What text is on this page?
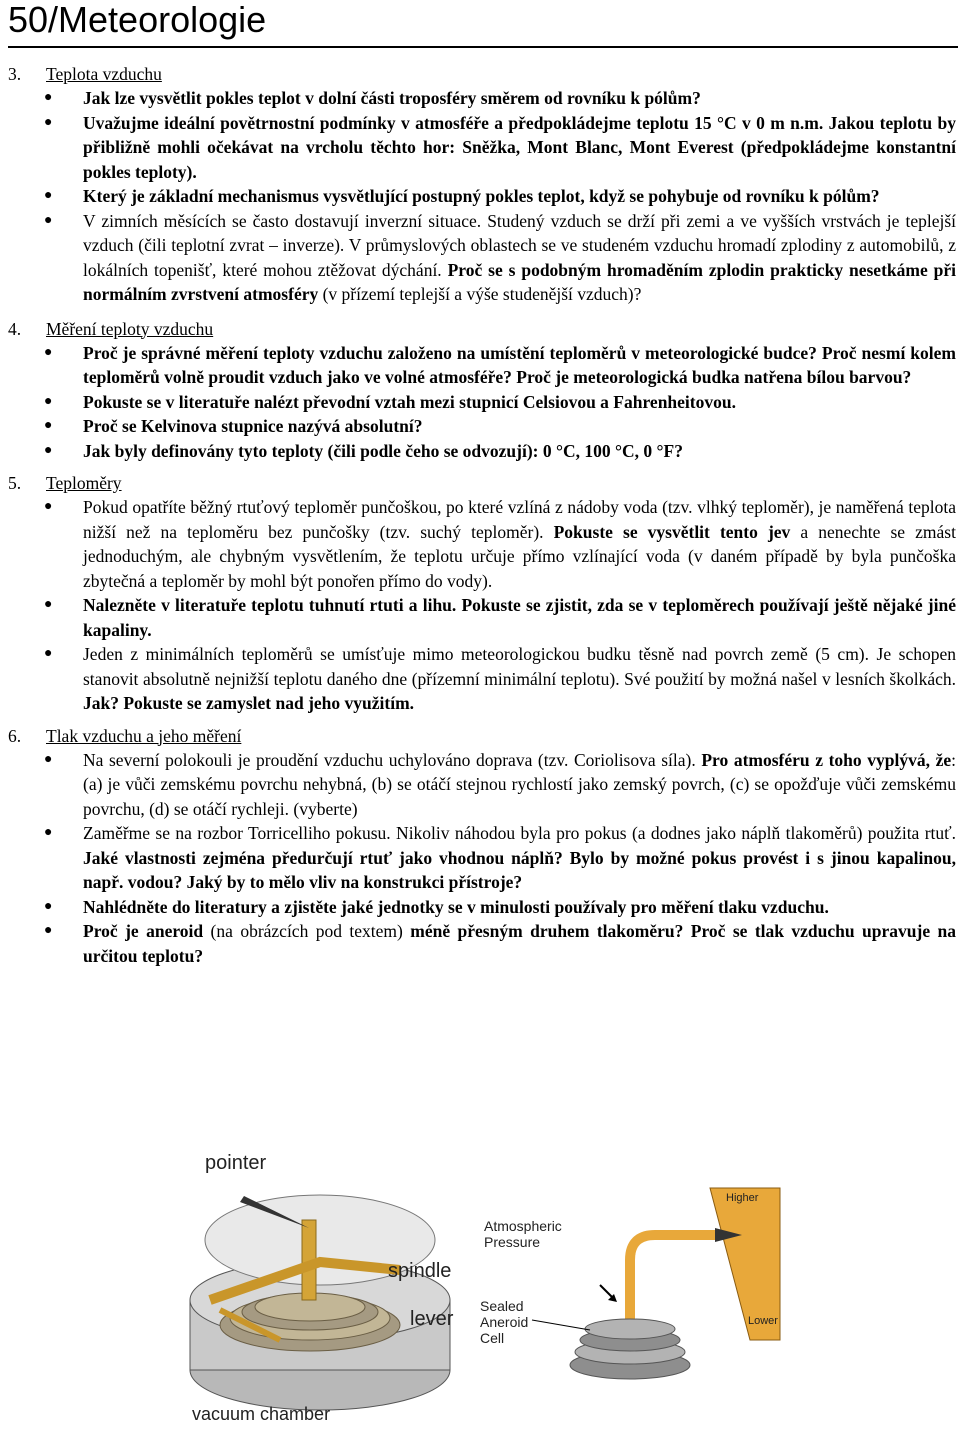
50/Meteorologie
3. Teplota vzduchu
● Jak lze vysvětlit pokles teplot v dolní části troposféry směrem od rovníku k pólům?
● Uvažujme ideální povětrnostní podmínky v atmosféře a předpokládejme teplotu 15 °C v 0 m n.m. Jakou teplotu by přibližně mohli očekávat na vrcholu těchto hor: Sněžka, Mont Blanc, Mont Everest (předpokládejme konstantní pokles teploty).
● Který je základní mechanismus vysvětlující postupný pokles teplot, když se pohybuje od rovníku k pólům?
● V zimních měsících se často dostavují inverzní situace. Studený vzduch se drží při zemi a ve vyšších vrstvách je teplejší vzduch (čili teplotní zvrat – inverze). V průmyslových oblastech se ve studeném vzduchu hromadí zplodiny z automobilů, z lokálních topenišť, které mohou ztěžovat dýchání. Proč se s podobným hromaděním zplodin prakticky nesetkáme při normálním zvrstvení atmosféry (v přízemí teplejší a výše studenější vzduch)?
4. Měření teploty vzduchu
● Proč je správné měření teploty vzduchu založeno na umístění teploměrů v meteorologické budce? Proč nesmí kolem teploměrů volně proudit vzduch jako ve volné atmosféře? Proč je meteorologická budka natřena bílou barvou?
● Pokuste se v literatuře nalézt převodní vztah mezi stupnicí Celsiovou a Fahrenheitovou.
● Proč se Kelvinova stupnice nazývá absolutní?
● Jak byly definovány tyto teploty (čili podle čeho se odvozují): 0 °C, 100 °C, 0 °F?
5. Teploměry
● Pokud opatříte běžný rtuťový teploměr punčoškou, po které vzlíná z nádoby voda (tzv. vlhký teploměr), je naměřená teplota nižší než na teploměru bez punčošky (tzv. suchý teploměr). Pokuste se vysvětlit tento jev a nenechte se zmást jednoduchým, ale chybným vysvětlením, že teplotu určuje přímo vzlínající voda (v daném případě by byla punčoška zbytečná a teploměr by mohl být ponořen přímo do vody).
● Nalezněte v literatuře teplotu tuhnutí rtuti a lihu. Pokuste se zjistit, zda se v teploměrech používají ještě nějaké jiné kapaliny.
● Jeden z minimálních teploměrů se umísťuje mimo meteorologickou budku těsně nad povrch země (5 cm). Je schopen stanovit absolutně nejnižší teplotu daného dne (přízemní minimální teplotu). Své použití by možná našel v lesních školkách. Jak? Pokuste se zamyslet nad jeho využitím.
6. Tlak vzduchu a jeho měření
● Na severní polokouli je proudění vzduchu uchylováno doprava (tzv. Coriolisova síla). Pro atmosféru z toho vyplývá, že: (a) je vůči zemskému povrchu nehybná, (b) se otáčí stejnou rychlostí jako zemský povrch, (c) se opožďuje vůči zemskému povrchu, (d) se otáčí rychleji. (vyberte)
● Zaměřme se na rozbor Torricelliho pokusu. Nikoliv náhodou byla pro pokus (a dodnes jako náplň tlakoměrů) použita rtuť. Jaké vlastnosti zejména předurčují rtuť jako vhodnou náplň? Bylo by možné pokus provést i s jinou kapalinou, např. vodou? Jaký by to mělo vliv na konstrukci přístroje?
● Nahlédněte do literatury a zjistěte jaké jednotky se v minulosti používaly pro měření tlaku vzduchu.
● Proč je aneroid (na obrázcích pod textem) méně přesným druhem tlakoměru? Proč se tlak vzduchu upravuje na určitou teplotu?
pointer
spindle
lever
vacuum chamber
Atmospheric
Pressure
Sealed
Aneroid
Cell
Higher
Lower
